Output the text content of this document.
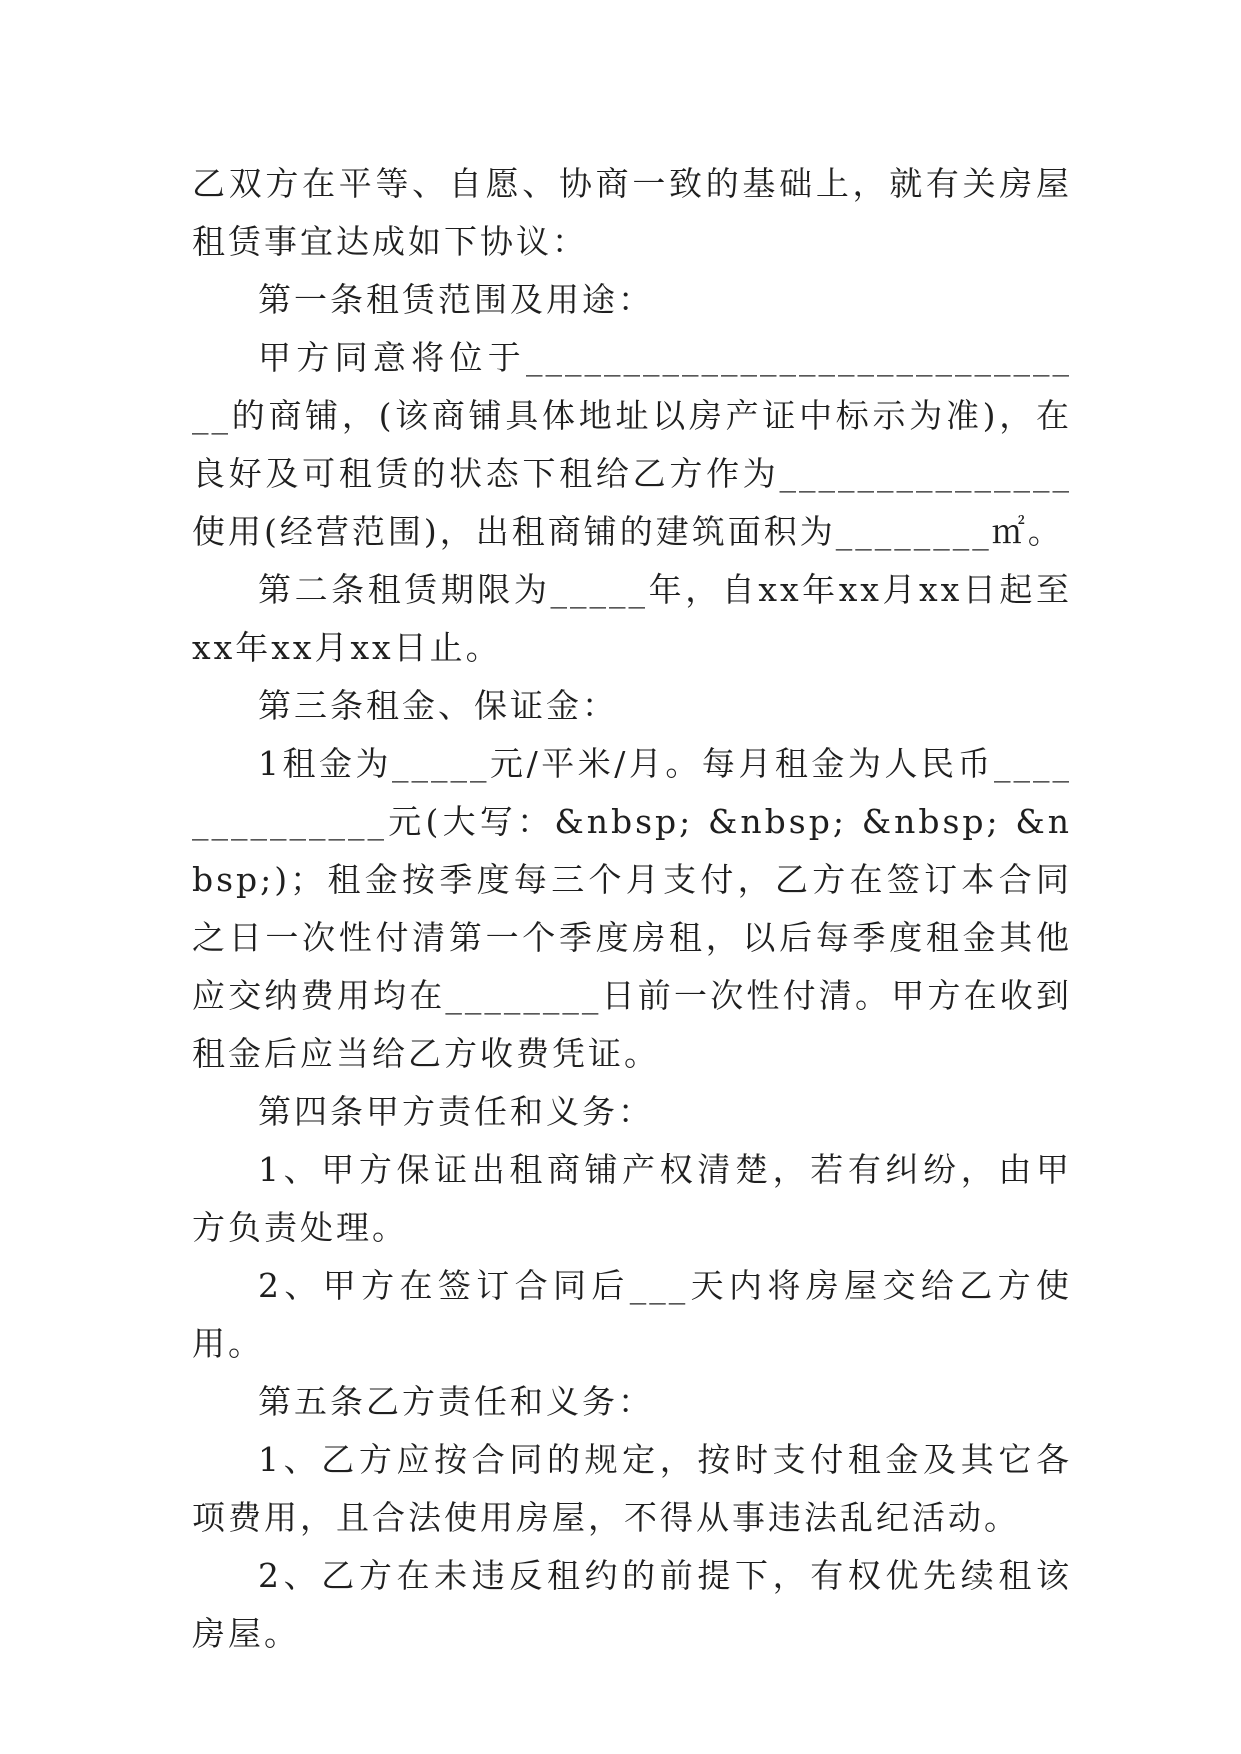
乙双方在平等、自愿、协商一致的基础上，就有关房屋租赁事宜达成如下协议：

第一条租赁范围及用途：

甲方同意将位于______________________________的商铺，(该商铺具体地址以房产证中标示为准)，在良好及可租赁的状态下租给乙方作为_______________使用(经营范围)，出租商铺的建筑面积为________㎡。

第二条租赁期限为_____年，自xx年xx月xx日起至xx年xx月xx日止。

第三条租金、保证金：

1租金为_____元/平米/月。每月租金为人民币______________元(大写：&nbsp; &nbsp; &nbsp; &nbsp;)；租金按季度每三个月支付，乙方在签订本合同之日一次性付清第一个季度房租，以后每季度租金其他应交纳费用均在________日前一次性付清。甲方在收到租金后应当给乙方收费凭证。

第四条甲方责任和义务：

1、甲方保证出租商铺产权清楚，若有纠纷，由甲方负责处理。

2、甲方在签订合同后___天内将房屋交给乙方使用。

第五条乙方责任和义务：

1、乙方应按合同的规定，按时支付租金及其它各项费用，且合法使用房屋，不得从事违法乱纪活动。

2、乙方在未违反租约的前提下，有权优先续租该房屋。
